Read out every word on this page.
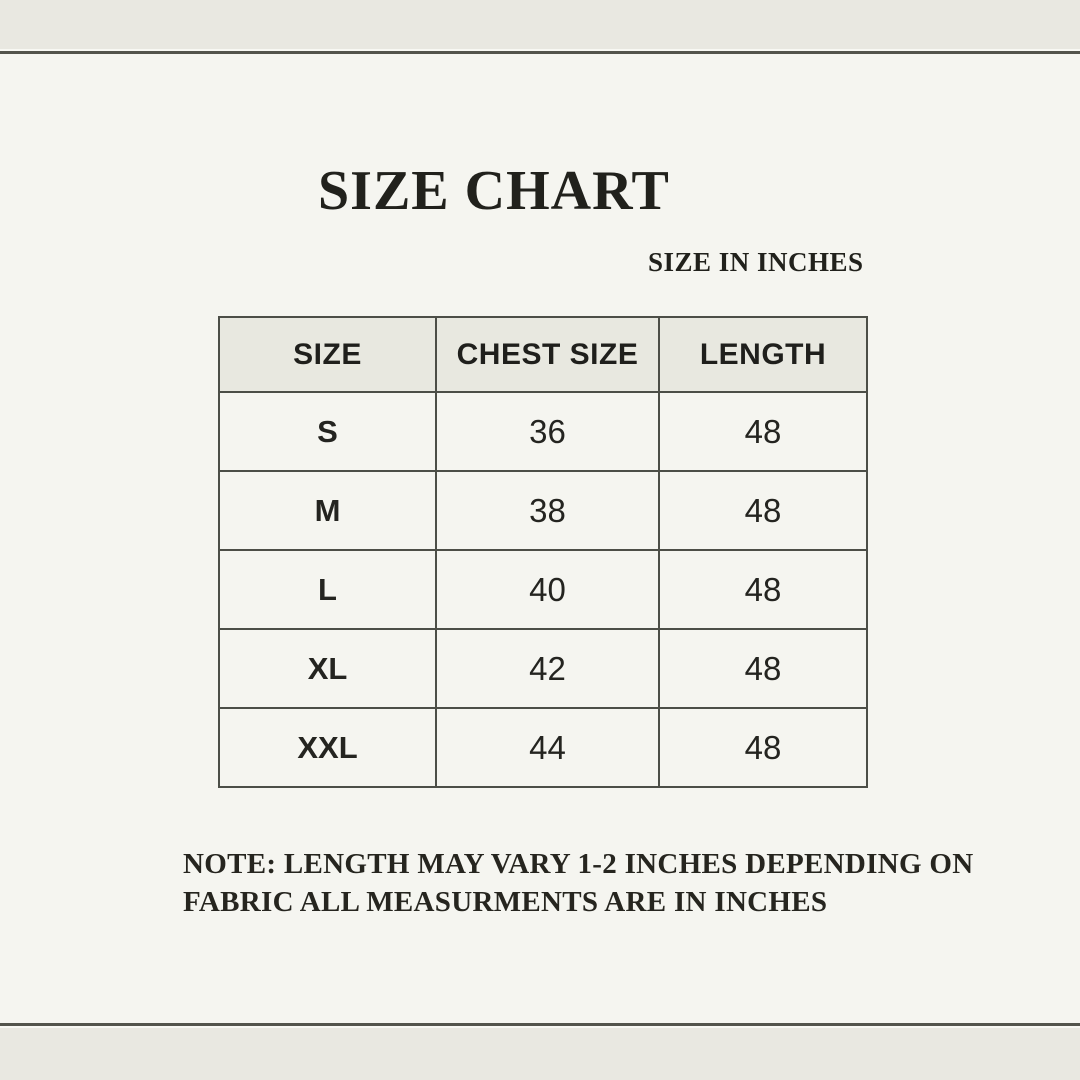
SIZE CHART
SIZE IN INCHES
SIZE	CHEST SIZE	LENGTH
S	36	48
M	38	48
L	40	48
XL	42	48
XXL	44	48
NOTE: LENGTH MAY VARY 1-2 INCHES DEPENDING ON
FABRIC ALL MEASURMENTS ARE IN INCHES
